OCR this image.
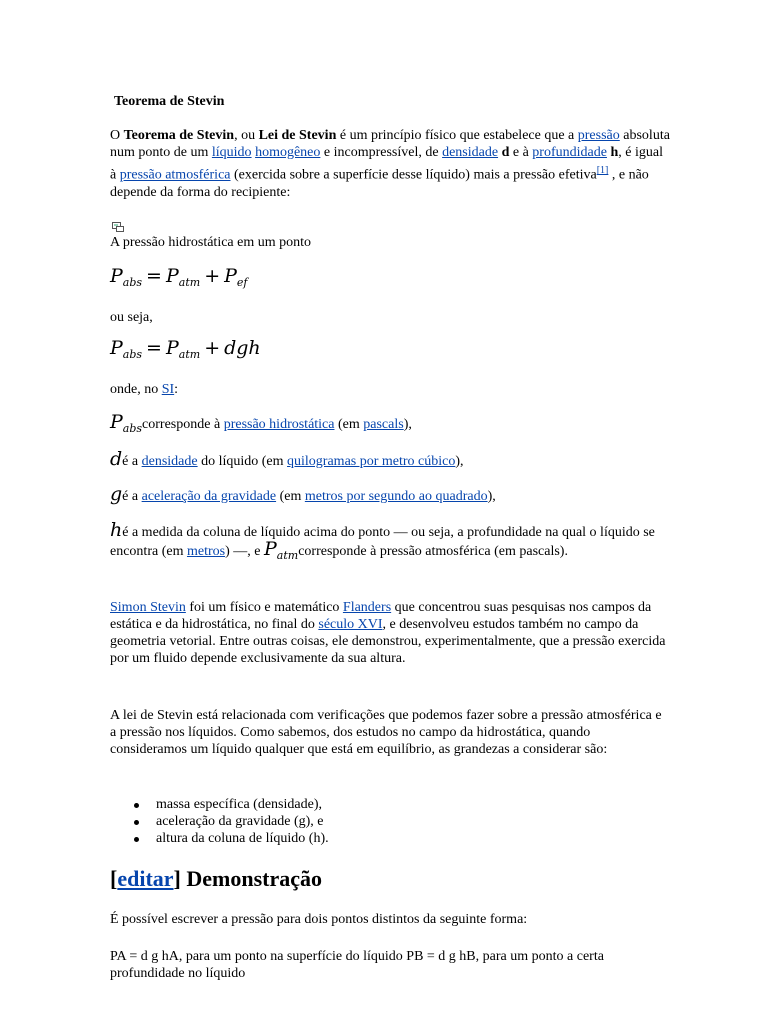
Teorema de Stevin

O Teorema de Stevin, ou Lei de Stevin é um princípio físico que estabelece que a pressão absoluta num ponto de um líquido homogêneo e incompressível, de densidade d e à profundidade h, é igual à pressão atmosférica (exercida sobre a superfície desse líquido) mais a pressão efetiva[1] , e não depende da forma do recipiente:

A pressão hidrostática em um ponto

$P_{abs} = P_{atm} + P_{ef}$

ou seja,

$P_{abs} = P_{atm}$ + dgh

onde, no SI:

$P_{abs}corresponde$ à pressão hidrostática (em pascals),
dé a densidade do líquido (em quilogramas por metro cúbico),
gé a aceleração da gravidade (em metros por segundo ao quadrado),
hé a medida da coluna de líquido acima do ponto — ou seja, a profundidade na qual o líquido se encontra (em metros) —, e $P_{atm}corresponde$ à pressão atmosférica (em pascals).

Simon Stevin foi um físico e matemático Flanders que concentrou suas pesquisas nos campos da estática e da hidrostática, no final do século XVI, e desenvolveu estudos também no campo da geometria vetorial. Entre outras coisas, ele demonstrou, experimentalmente, que a pressão exercida por um fluido depende exclusivamente da sua altura.

A lei de Stevin está relacionada com verificações que podemos fazer sobre a pressão atmosférica e a pressão nos líquidos. Como sabemos, dos estudos no campo da hidrostática, quando consideramos um líquido qualquer que está em equilíbrio, as grandezas a considerar são:

massa específica (densidade),
aceleração da gravidade (g), e
altura da coluna de líquido (h).
[editar] Demonstração

É possível escrever a pressão para dois pontos distintos da seguinte forma:

PA = d g hA, para um ponto na superfície do líquido PB = d g hB, para um ponto a certa profundidade no líquido
